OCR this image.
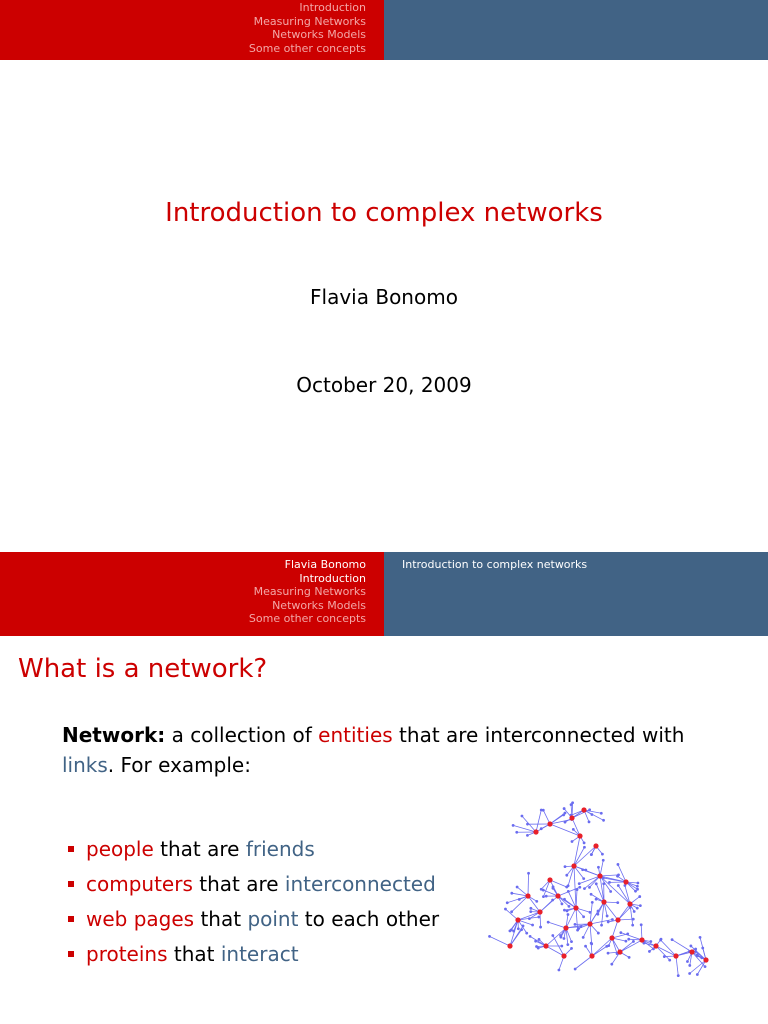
Introduction
Measuring Networks
Networks Models
Some other concepts
Introduction to complex networks
Flavia Bonomo
October 20, 2009
Flavia Bonomo
Introduction
Measuring Networks
Networks Models
Some other concepts
Introduction to complex networks
What is a network?
Network: a collection of entities that are interconnected with links. For example:
people that are friends
computers that are interconnected
web pages that point to each other
proteins that interact
